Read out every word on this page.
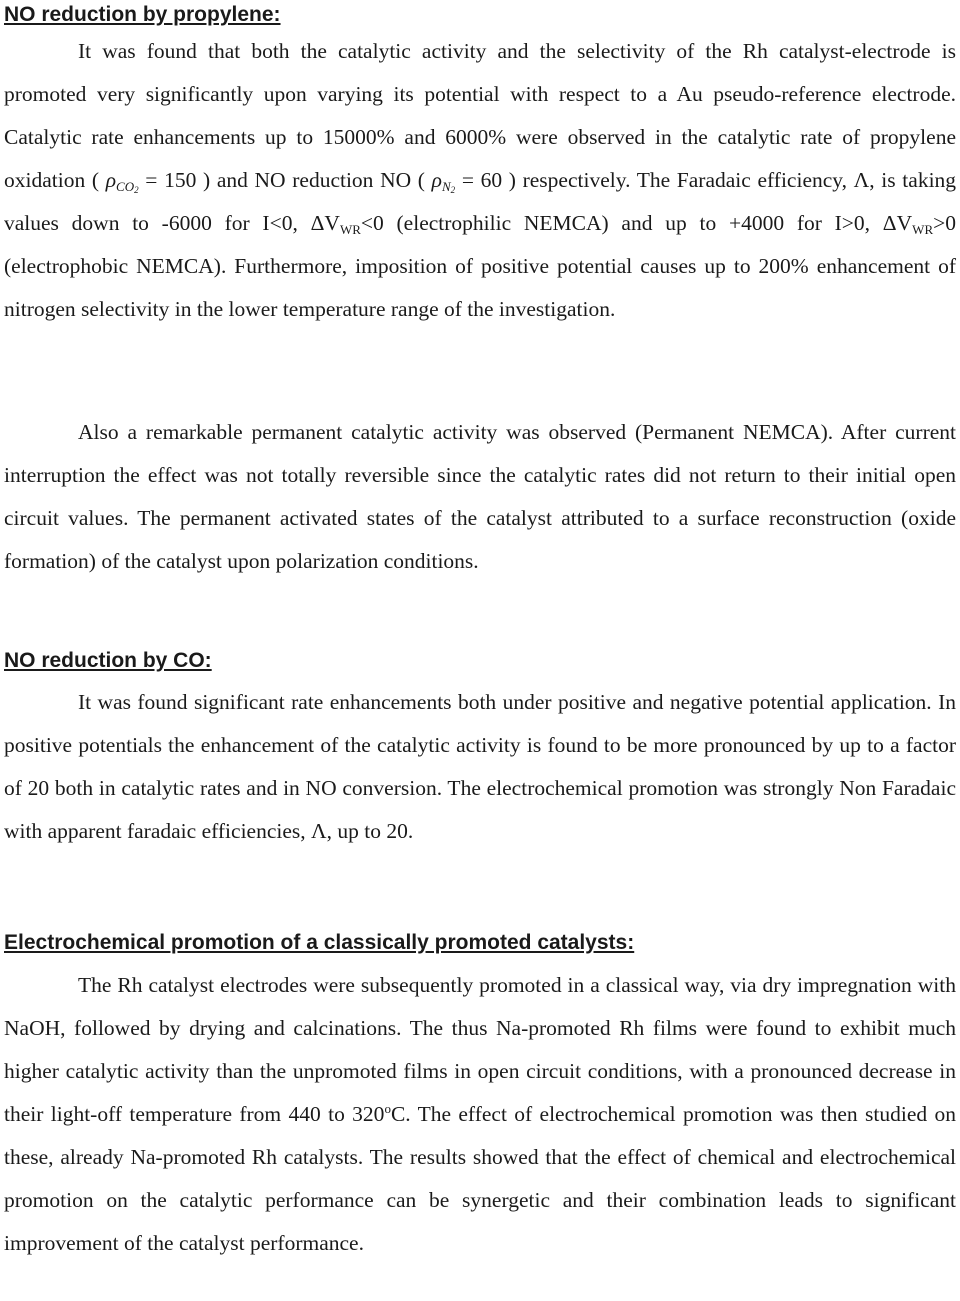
NO reduction by propylene:

It was found that both the catalytic activity and the selectivity of the Rh catalyst-electrode is promoted very significantly upon varying its potential with respect to a Au pseudo-reference electrode. Catalytic rate enhancements up to 15000% and 6000% were observed in the catalytic rate of propylene oxidation ( $\rho_{CO_2} = 150$ ) and NO reduction NO ( $\rho_{N_2} = 60$ ) respectively. The Faradaic efficiency, Λ, is taking values down to -6000 for I<0, $\Delta V_{WR}<0$ (electrophilic NEMCA) and up to +4000 for I>0, $\Delta V_{WR}>0$ (electrophobic NEMCA). Furthermore, imposition of positive potential causes up to 200% enhancement of nitrogen selectivity in the lower temperature range of the investigation.

Also a remarkable permanent catalytic activity was observed (Permanent NEMCA). After current interruption the effect was not totally reversible since the catalytic rates did not return to their initial open circuit values. The permanent activated states of the catalyst attributed to a surface reconstruction (oxide formation) of the catalyst upon polarization conditions.

NO reduction by CO:

It was found significant rate enhancements both under positive and negative potential application. In positive potentials the enhancement of the catalytic activity is found to be more pronounced by up to a factor of 20 both in catalytic rates and in NO conversion. The electrochemical promotion was strongly Non Faradaic with apparent faradaic efficiencies, Λ, up to 20.

Electrochemical promotion of a classically promoted catalysts:

The Rh catalyst electrodes were subsequently promoted in a classical way, via dry impregnation with NaOH, followed by drying and calcinations. The thus Na-promoted Rh films were found to exhibit much higher catalytic activity than the unpromoted films in open circuit conditions, with a pronounced decrease in their light-off temperature from 440 to 320$^o$C. The effect of electrochemical promotion was then studied on these, already Na-promoted Rh catalysts. The results showed that the effect of chemical and electrochemical promotion on the catalytic performance can be synergetic and their combination leads to significant improvement of the catalyst performance.
